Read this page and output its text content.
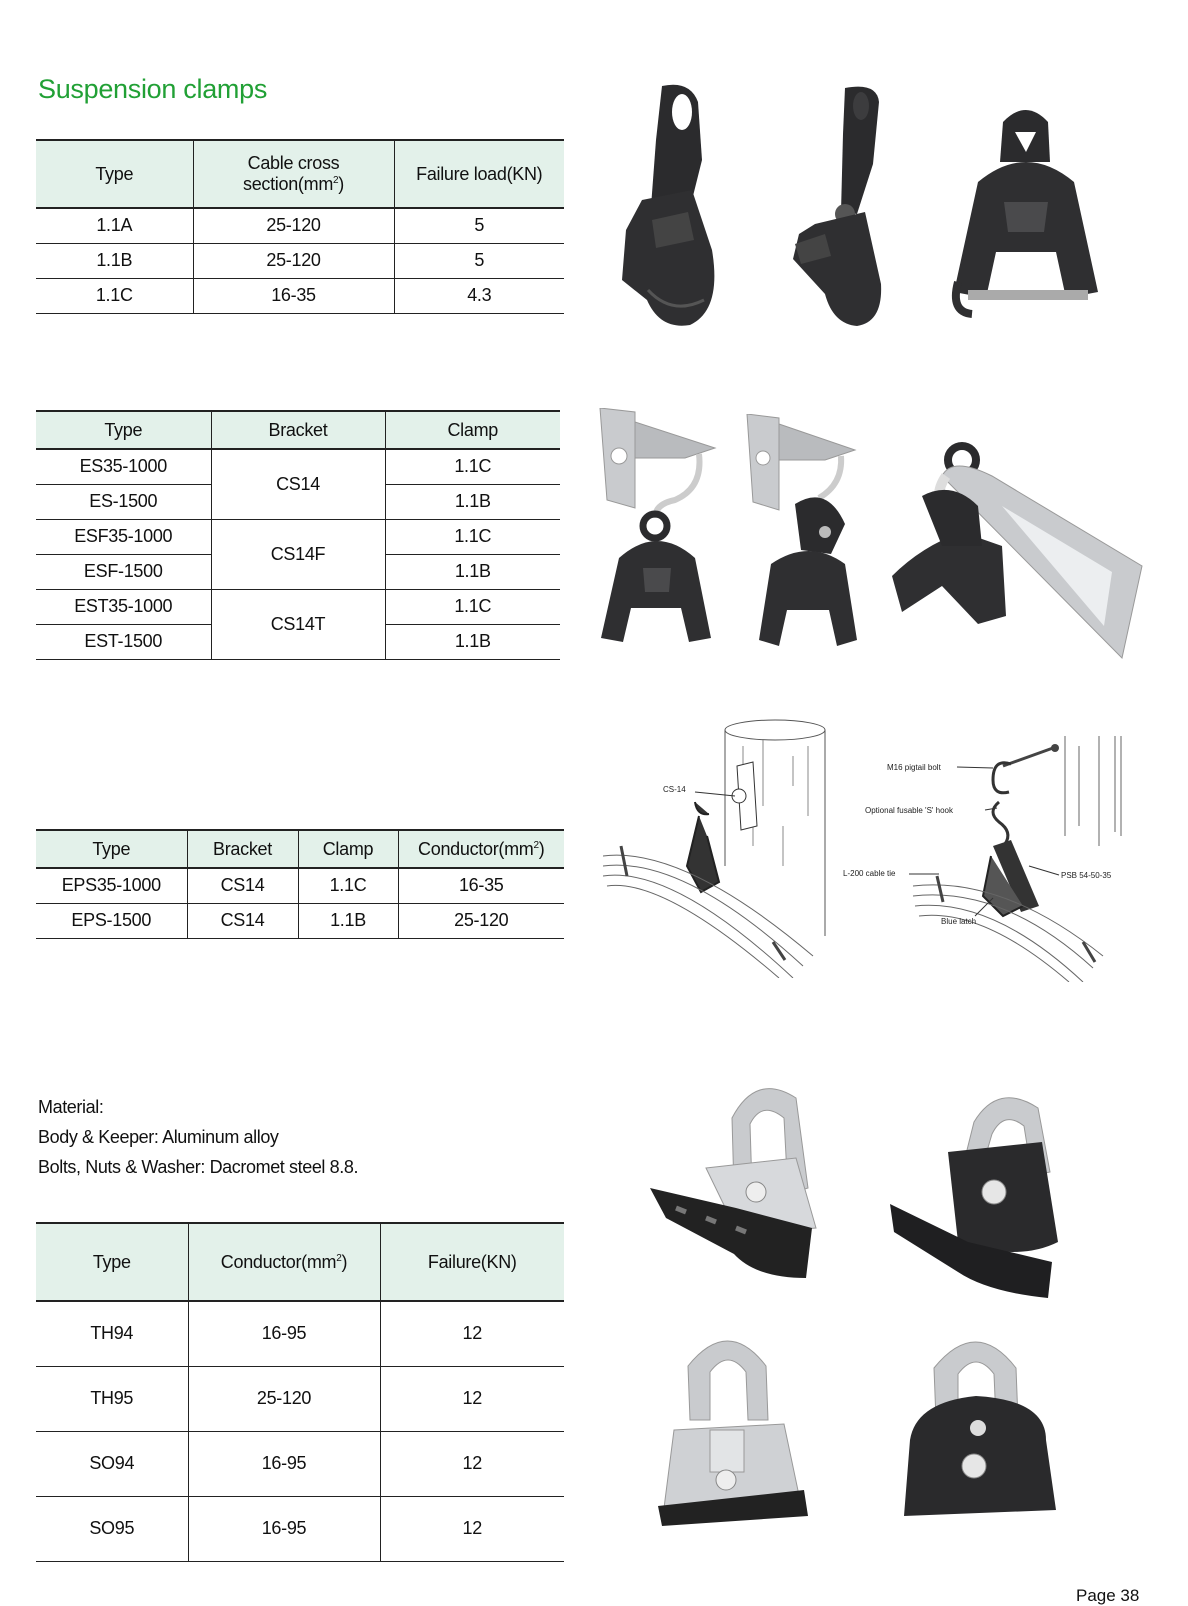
Suspension clamps
Type	Cable cross $section(mm^2)$	Failure load(KN)
1.1A	25-120	5
1.1B	25-120	5
1.1C	16-35	4.3
Type	Bracket	Clamp
ES35-1000	CS14	1.1C
ES-1500		1.1B
ESF35-1000	CS14F	1.1C
ESF-1500		1.1B
EST35-1000	CS14T	1.1C
EST-1500		1.1B
Type	Bracket	Clamp	$Conductor(mm^2)$
EPS35-1000	CS14	1.1C	16-35
EPS-1500	CS14	1.1B	25-120
Material:
Body & Keeper: Aluminum alloy
Bolts, Nuts & Washer: Dacromet steel 8.8.
Type	$Conductor(mm^2)$	Failure(KN)
TH94	16-95	12
TH95	25-120	12
SO94	16-95	12
SO95	16-95	12
CS-14
M16 pigtail bolt
Optional fusable 'S' hook
L-200 cable tie	PSB 54-50-35
Blue latch
Page 38
